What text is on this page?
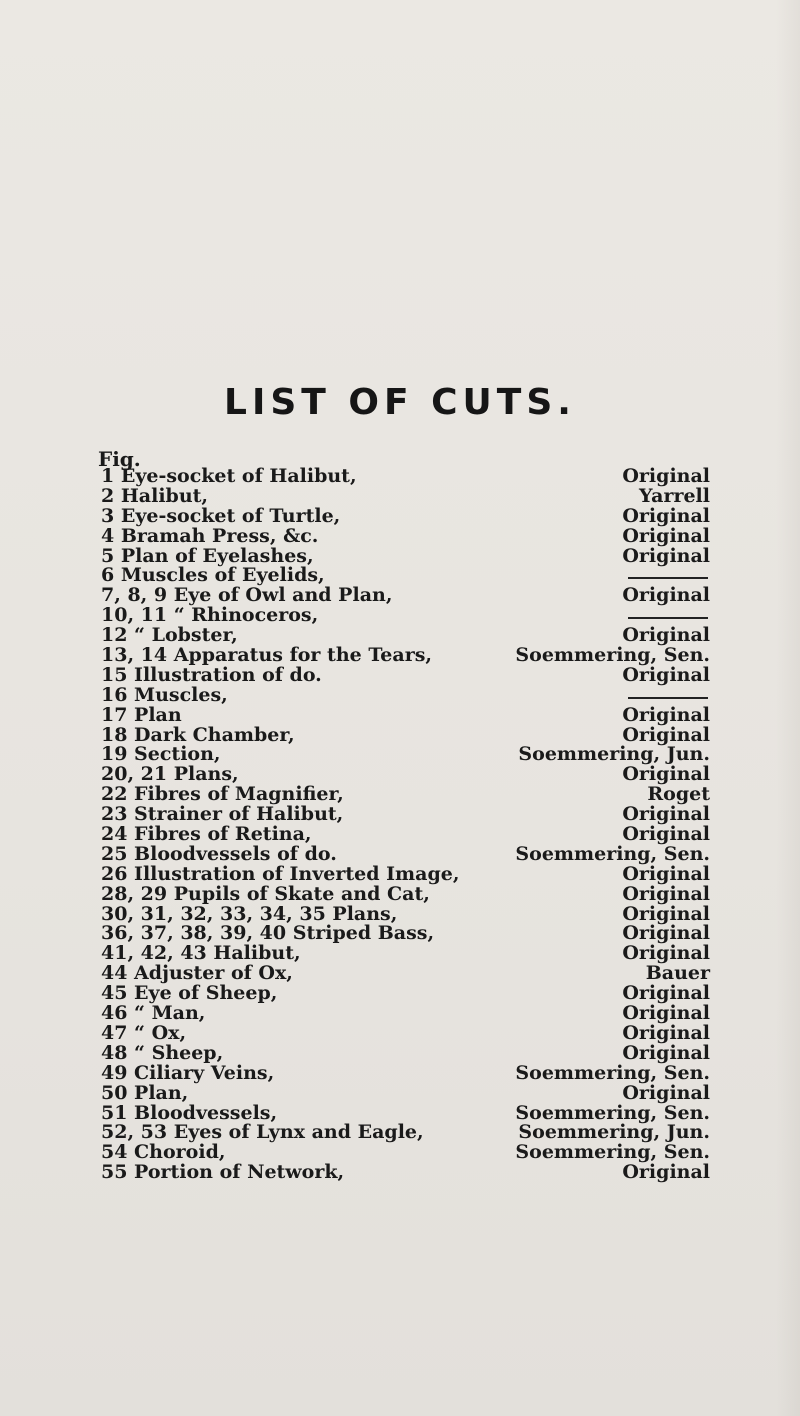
LIST OF CUTS.
Fig.
1 Eye-socket of Halibut,	Original
2 Halibut,	Yarrell
3 Eye-socket of Turtle,	Original
4 Bramah Press, &c.	Original
5 Plan of Eyelashes,	Original
6 Muscles of Eyelids,
7, 8, 9 Eye of Owl and Plan,	Original
10, 11 “ Rhinoceros,
12 “ Lobster,	Original
13, 14 Apparatus for the Tears,	Soemmering, Sen.
15 Illustration of do.	Original
16 Muscles,
17 Plan	Original
18 Dark Chamber,	Original
19 Section,	Soemmering, Jun.
20, 21 Plans,	Original
22 Fibres of Magnifier,	Roget
23 Strainer of Halibut,	Original
24 Fibres of Retina,	Original
25 Bloodvessels of do.	Soemmering, Sen.
26 Illustration of Inverted Image,	Original
28, 29 Pupils of Skate and Cat,	Original
30, 31, 32, 33, 34, 35 Plans,	Original
36, 37, 38, 39, 40 Striped Bass,	Original
41, 42, 43 Halibut,	Original
44 Adjuster of Ox,	Bauer
45 Eye of Sheep,	Original
46 “ Man,	Original
47 “ Ox,	Original
48 “ Sheep,	Original
49 Ciliary Veins,	Soemmering, Sen.
50 Plan,	Original
51 Bloodvessels,	Soemmering, Sen.
52, 53 Eyes of Lynx and Eagle,	Soemmering, Jun.
54 Choroid,	Soemmering, Sen.
55 Portion of Network,	Original
